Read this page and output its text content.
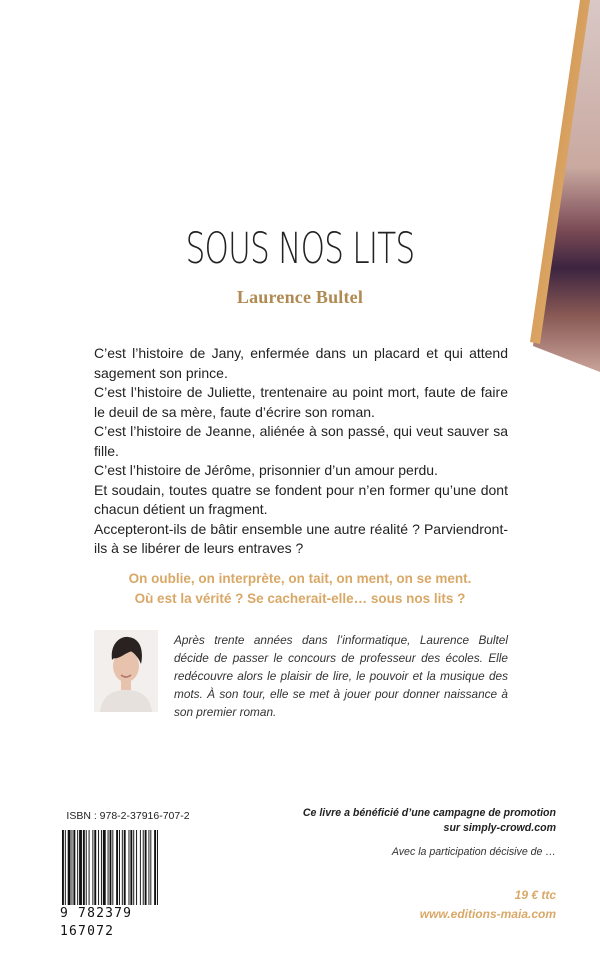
SOUS NOS LITS
Laurence Bultel

C’est l’histoire de Jany, enfermée dans un placard et qui attend sagement son prince.

C’est l’histoire de Juliette, trentenaire au point mort, faute de faire le deuil de sa mère, faute d’écrire son roman.

C’est l’histoire de Jeanne, aliénée à son passé, qui veut sauver sa fille.

C’est l’histoire de Jérôme, prisonnier d’un amour perdu.

Et soudain, toutes quatre se fondent pour n’en former qu’une dont chacun détient un fragment.

Accepteront-ils de bâtir ensemble une autre réalité ? Parviendront-ils à se libérer de leurs entraves ?

On oublie, on interprète, on tait, on ment, on se ment.
Où est la vérité ? Se cacherait-elle… sous nos lits ?

Après trente années dans l’informatique, Laurence Bultel décide de passer le concours de professeur des écoles. Elle redécouvre alors le plaisir de lire, le pouvoir et la musique des mots. À son tour, elle se met à jouer pour donner naissance à son premier roman.

ISBN : 978-2-37916-707-2
9 782379 167072
Ce livre a bénéficié d’une campagne de promotion
sur simply-crowd.com
Avec la participation décisive de …
19 € ttc
www.editions-maia.com
